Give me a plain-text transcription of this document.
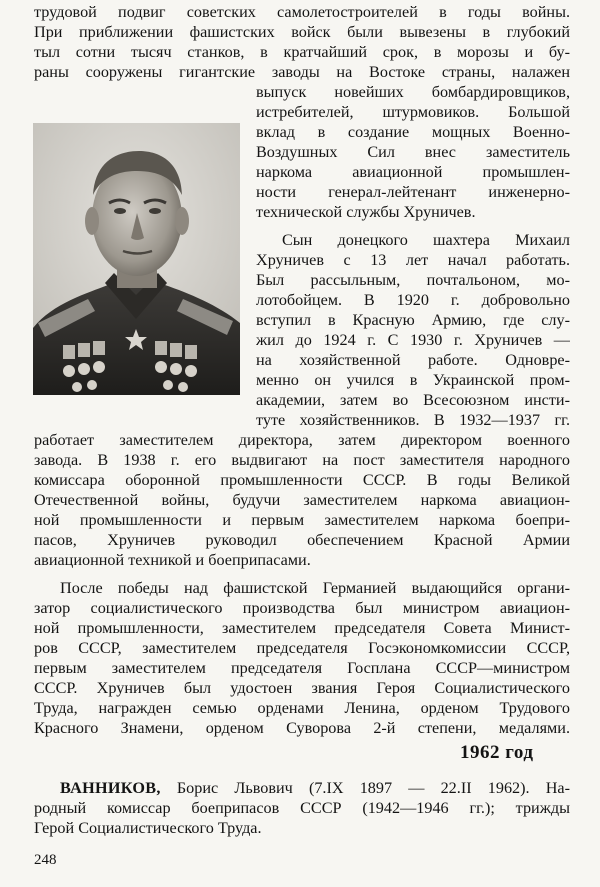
трудовой подвиг советских самолетостроителей в годы войны.
При приближении фашистских войск были вывезены в глубокий
тыл сотни тысяч станков, в кратчайший срок, в морозы и бу-
раны сооружены гигантские заводы на Востоке страны, налажен
выпуск новейших бомбардировщиков,
истребителей, штурмовиков. Большой
вклад в создание мощных Военно-
Воздушных Сил внес заместитель
наркома авиационной промышлен-
ности генерал-лейтенант инженерно-
технической службы Хруничев.
Сын донецкого шахтера Михаил
Хруничев с 13 лет начал работать.
Был рассыльным, почтальоном, мо-
лотобойцем. В 1920 г. добровольно
вступил в Красную Армию, где слу-
жил до 1924 г. С 1930 г. Хруничев —
на хозяйственной работе. Одновре-
менно он учился в Украинской пром-
академии, затем во Всесоюзном инсти-
туте хозяйственников. В 1932—1937 гг.
работает заместителем директора, затем директором военного
завода. В 1938 г. его выдвигают на пост заместителя народного
комиссара оборонной промышленности СССР. В годы Великой
Отечественной войны, будучи заместителем наркома авиацион-
ной промышленности и первым заместителем наркома боепри-
пасов, Хруничев руководил обеспечением Красной Армии
авиационной техникой и боеприпасами.
После победы над фашистской Германией выдающийся органи-
затор социалистического производства был министром авиацион-
ной промышленности, заместителем председателя Совета Минист-
ров СССР, заместителем председателя Госэкономкомиссии СССР,
первым заместителем председателя Госплана СССР—министром
СССР. Хруничев был удостоен звания Героя Социалистического
Труда, награжден семью орденами Ленина, орденом Трудового
Красного Знамени, орденом Суворова 2-й степени, медалями.
1962 год
ВАННИКОВ, Борис Львович (7.IX 1897 — 22.II 1962). На-
родный комиссар боеприпасов СССР (1942—1946 гг.); трижды
Герой Социалистического Труда.
248
